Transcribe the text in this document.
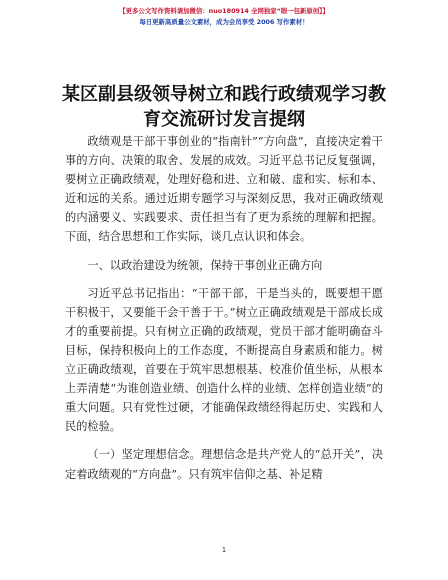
【更多公文写作资料请加微信：nuo180914 全网独家“眼一包新原创】】
每日更新高质量公文素材，成为会员享受 2006 写作素材！
某区副县级领导树立和践行政绩观学习教育交流研讨发言提纲

政绩观是干部干事创业的“指南针”“方向盘”，直接决定着干事的方向、决策的取舍、发展的成效。习近平总书记反复强调，要树立正确政绩观，处理好稳和进、立和破、虚和实、标和本、近和远的关系。通过近期专题学习与深刻反思，我对正确政绩观的内涵要义、实践要求、责任担当有了更为系统的理解和把握。下面，结合思想和工作实际，谈几点认识和体会。

一、以政治建设为统领，保持干事创业正确方向

习近平总书记指出：“干部干部，干是当头的，既要想干愿干积极干，又要能干会干善于干。”树立正确政绩观是干部成长成才的重要前提。只有树立正确的政绩观，党员干部才能明确奋斗目标，保持积极向上的工作态度，不断提高自身素质和能力。树立正确政绩观，首要在于筑牢思想根基、校准价值坐标，从根本上弄清楚“为谁创造业绩、创造什么样的业绩、怎样创造业绩”的重大问题。只有党性过硬，才能确保政绩经得起历史、实践和人民的检验。

（一）坚定理想信念。理想信念是共产党人的“总开关”，决定着政绩观的“方向盘”。只有筑牢信仰之基、补足精

1
